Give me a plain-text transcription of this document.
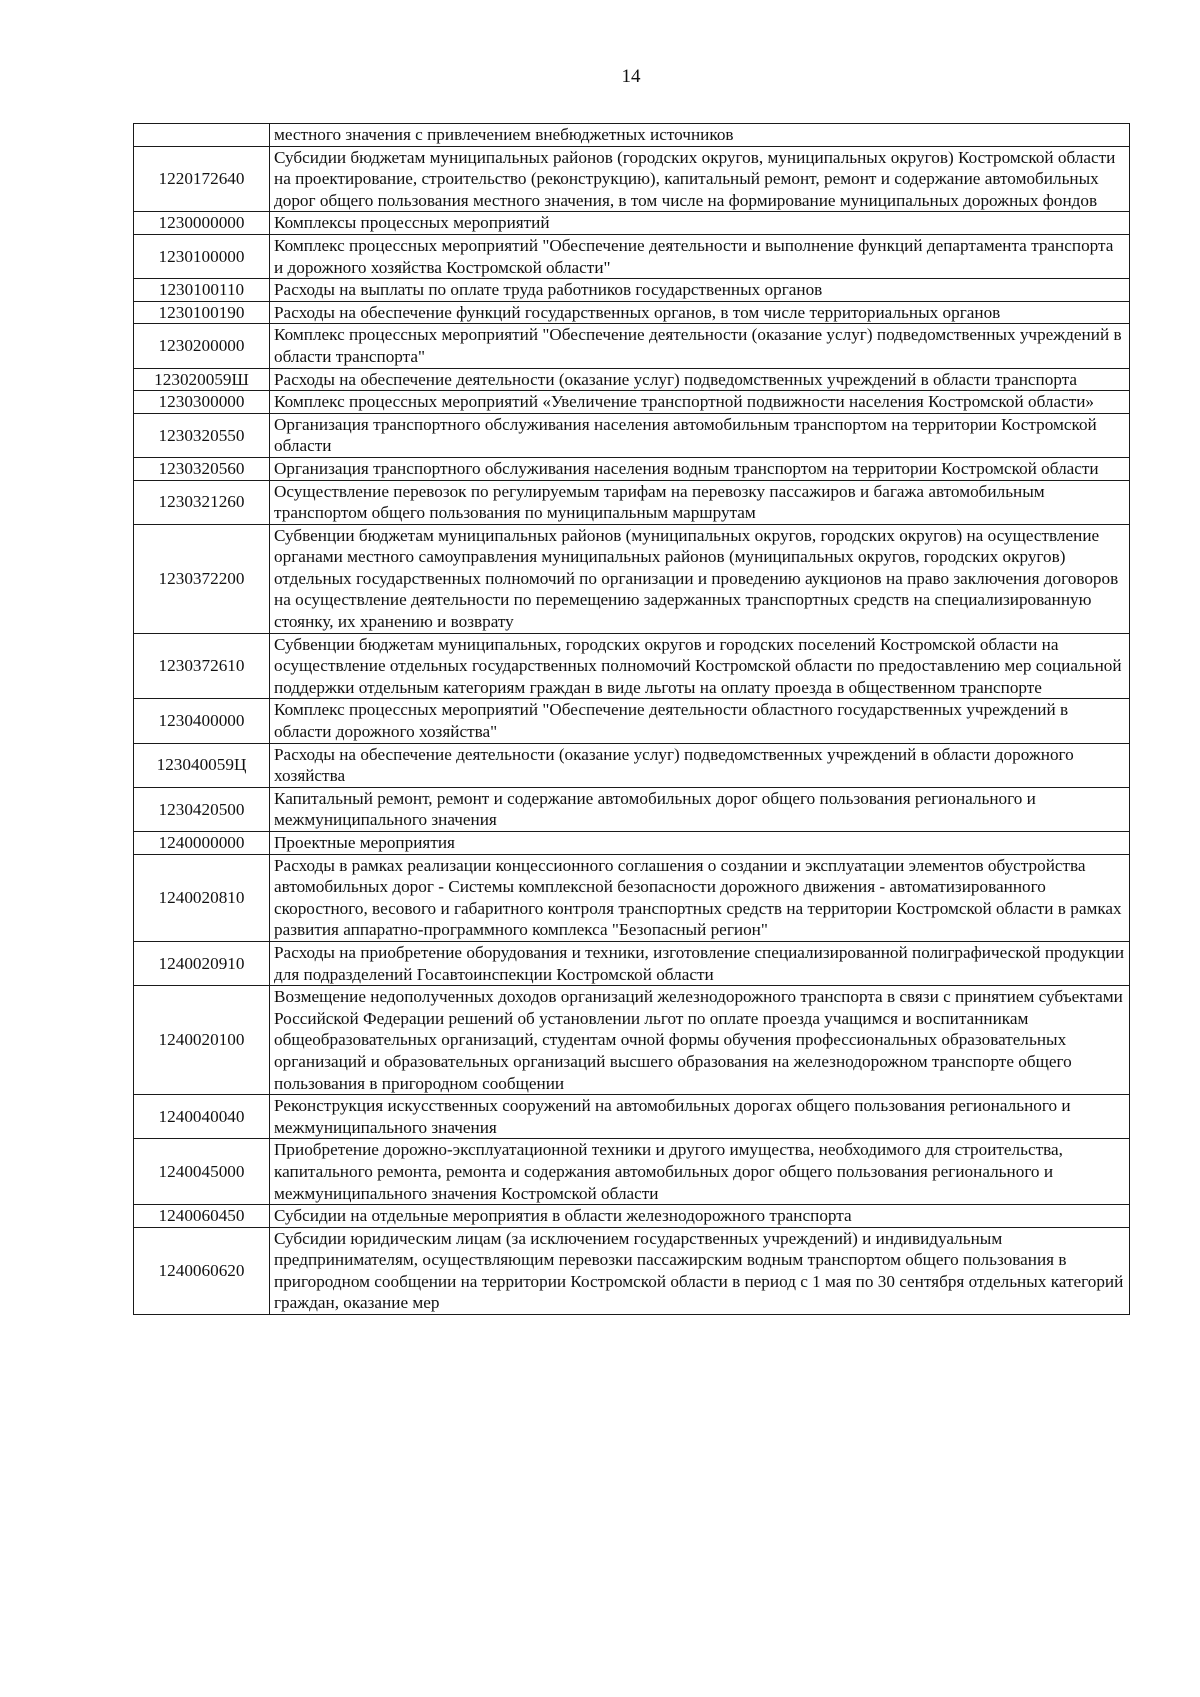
14
	местного значения с привлечением внебюджетных источников
1220172640	Субсидии бюджетам муниципальных районов (городских округов, муниципальных округов) Костромской области на проектирование, строительство (реконструкцию), капитальный ремонт, ремонт и содержание автомобильных дорог общего пользования местного значения, в том числе на формирование муниципальных дорожных фондов
1230000000	Комплексы процессных мероприятий
1230100000	Комплекс процессных мероприятий "Обеспечение деятельности и выполнение функций департамента транспорта и дорожного хозяйства Костромской области"
1230100110	Расходы на выплаты по оплате труда работников государственных органов
1230100190	Расходы на обеспечение функций государственных органов, в том числе территориальных органов
1230200000	Комплекс процессных мероприятий "Обеспечение деятельности (оказание услуг) подведомственных учреждений в области транспорта"
123020059Ш	Расходы на обеспечение деятельности (оказание услуг) подведомственных учреждений в области транспорта
1230300000	Комплекс процессных мероприятий «Увеличение транспортной подвижности населения Костромской области»
1230320550	Организация транспортного обслуживания населения автомобильным транспортом на территории Костромской области
1230320560	Организация транспортного обслуживания населения водным транспортом на территории Костромской области
1230321260	Осуществление перевозок по регулируемым тарифам на перевозку пассажиров и багажа автомобильным транспортом общего пользования по муниципальным маршрутам
1230372200	Субвенции бюджетам муниципальных районов (муниципальных округов, городских округов) на осуществление органами местного самоуправления муниципальных районов (муниципальных округов, городских округов) отдельных государственных полномочий по организации и проведению аукционов на право заключения договоров на осуществление деятельности по перемещению задержанных транспортных средств на специализированную стоянку, их хранению и возврату
1230372610	Субвенции бюджетам муниципальных, городских округов и городских поселений Костромской области на осуществление отдельных государственных полномочий Костромской области по предоставлению мер социальной поддержки отдельным категориям граждан в виде льготы на оплату проезда в общественном транспорте
1230400000	Комплекс процессных мероприятий "Обеспечение деятельности областного государственных учреждений в области дорожного хозяйства"
123040059Ц	Расходы на обеспечение деятельности (оказание услуг) подведомственных учреждений в области дорожного хозяйства
1230420500	Капитальный ремонт, ремонт и содержание автомобильных дорог общего пользования регионального и межмуниципального значения
1240000000	Проектные мероприятия
1240020810	Расходы в рамках реализации концессионного соглашения о создании и эксплуатации элементов обустройства автомобильных дорог - Системы комплексной безопасности дорожного движения - автоматизированного скоростного, весового и габаритного контроля транспортных средств на территории Костромской области в рамках развития аппаратно-программного комплекса "Безопасный регион"
1240020910	Расходы на приобретение оборудования и техники, изготовление специализированной полиграфической продукции для подразделений Госавтоинспекции Костромской области
1240020100	Возмещение недополученных доходов организаций железнодорожного транспорта в связи с принятием субъектами Российской Федерации решений об установлении льгот по оплате проезда учащимся и воспитанникам общеобразовательных организаций, студентам очной формы обучения профессиональных образовательных организаций и образовательных организаций высшего образования на железнодорожном транспорте общего пользования в пригородном сообщении
1240040040	Реконструкция искусственных сооружений на автомобильных дорогах общего пользования регионального и межмуниципального значения
1240045000	Приобретение дорожно-эксплуатационной техники и другого имущества, необходимого для строительства, капитального ремонта, ремонта и содержания автомобильных дорог общего пользования регионального и межмуниципального значения Костромской области
1240060450	Субсидии на отдельные мероприятия в области железнодорожного транспорта
1240060620	Субсидии юридическим лицам (за исключением государственных учреждений) и индивидуальным предпринимателям, осуществляющим перевозки пассажирским водным транспортом общего пользования в пригородном сообщении на территории Костромской области в период с 1 мая по 30 сентября отдельных категорий граждан, оказание мер
